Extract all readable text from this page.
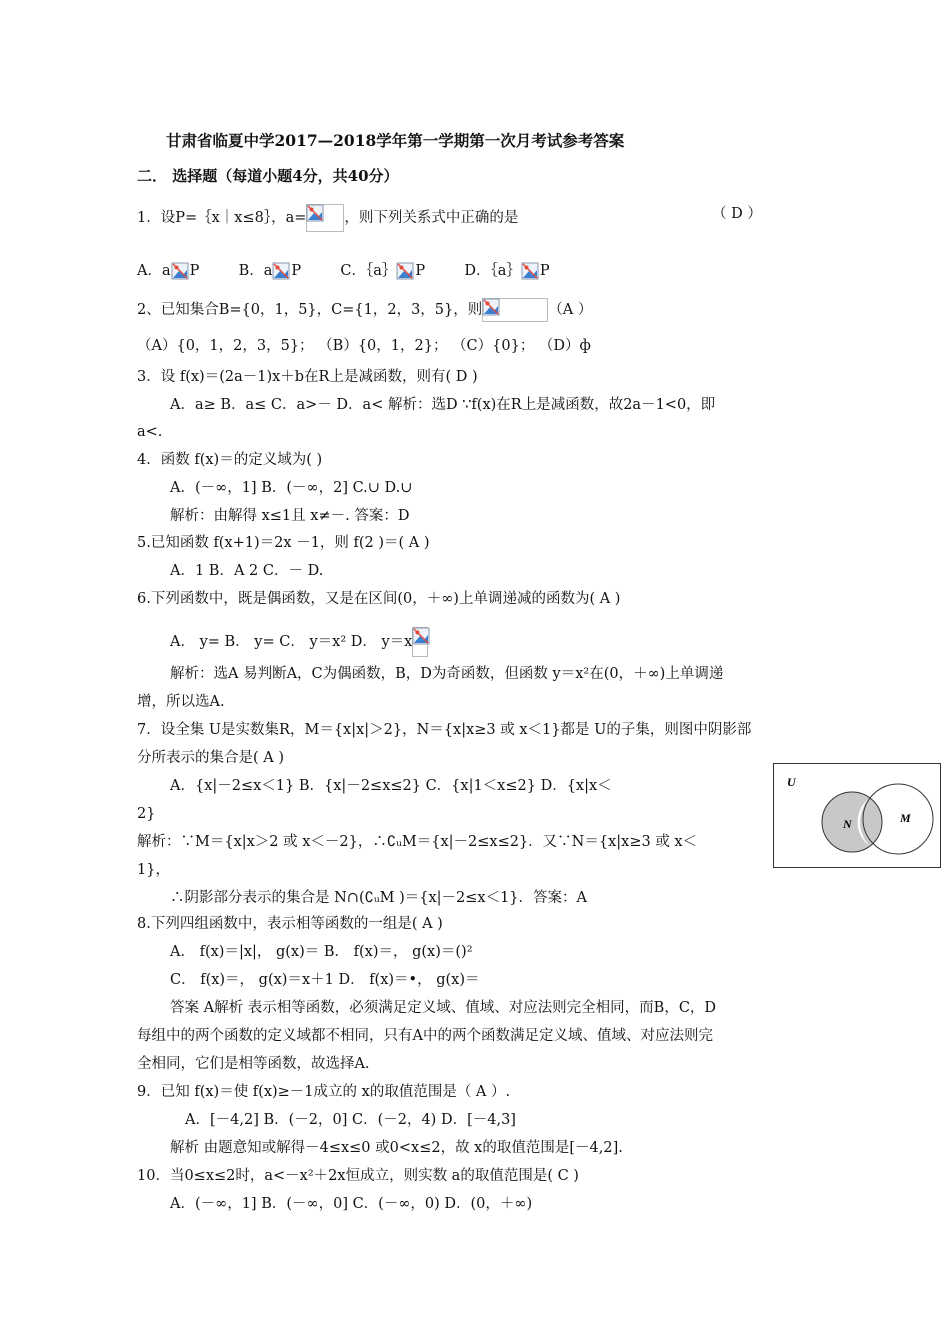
甘肃省临夏中学2017—2018学年第一学期第一次月考试参考答案
二． 选择题（每道小题4分，共40分）
1．设P=｛x｜x≤8｝，a=	，则下列关系式中正确的是	（ D ）
A．a P	B．a P	C．｛a｝ P	D．｛a｝ P
2、已知集合B={0，1，5}，C={1，2，3，5}，则	（A ）
（A）{0，1，2，3，5}； （B）{0，1，2}； （C）{0}； （D）ф
3．设 f(x)＝(2a－1)x＋b在R上是减函数，则有( D )
A．a≥ B．a≤ C．a>－ D．a< 解析：选D ∵f(x)在R上是减函数，故2a－1<0，即
a<.
4．函数 f(x)＝的定义域为( )
A．(－∞，1] B．(－∞，2] C.∪ D.∪
解析：由解得 x≤1且 x≠－. 答案：D
5.已知函数 f(x+1)＝2x －1，则 f(2 )＝( A )
A．1 B．A 2 C．－ D.
6.下列函数中，既是偶函数，又是在区间(0，＋∞)上单调递减的函数为( A )
A． y= B． y= C． y＝x² D． y＝x
解析：选A 易判断A，C为偶函数，B，D为奇函数，但函数 y＝x²在(0，＋∞)上单调递
增，所以选A.
7．设全集 U是实数集R，M＝{x|x|＞2}，N＝{x|x≥3 或 x＜1}都是 U的子集，则图中阴影部
分所表示的集合是( A )
A．{x|－2≤x＜1} B．{x|－2≤x≤2} C．{x|1＜x≤2} D．{x|x＜
2}
解析：∵M＝{x|x＞2 或 x＜－2}，∴∁ᵤM＝{x|－2≤x≤2}．又∵N＝{x|x≥3 或 x＜
1}，
∴阴影部分表示的集合是 N∩(∁ᵤM )＝{x|－2≤x＜1}．答案：A
U
N	M
8.下列四组函数中，表示相等函数的一组是( A )
A． f(x)＝|x|， g(x)＝ B． f(x)＝， g(x)＝()²
C． f(x)＝， g(x)＝x＋1 D． f(x)＝•， g(x)＝
答案 A解析 表示相等函数，必须满足定义域、值域、对应法则完全相同，而B，C，D
每组中的两个函数的定义域都不相同，只有A中的两个函数满足定义域、值域、对应法则完
全相同，它们是相等函数，故选择A.
9．已知 f(x)＝使 f(x)≥－1成立的 x的取值范围是（ A ）.
A．[－4,2] B．(－2，0] C．(－2，4) D．[－4,3]
解析 由题意知或解得－4≤x≤0 或0<x≤2，故 x的取值范围是[－4,2].
10．当0≤x≤2时，a<－x²＋2x恒成立，则实数 a的取值范围是( C )
A．(－∞，1] B．(－∞，0] C．(－∞，0) D．(0，＋∞)
